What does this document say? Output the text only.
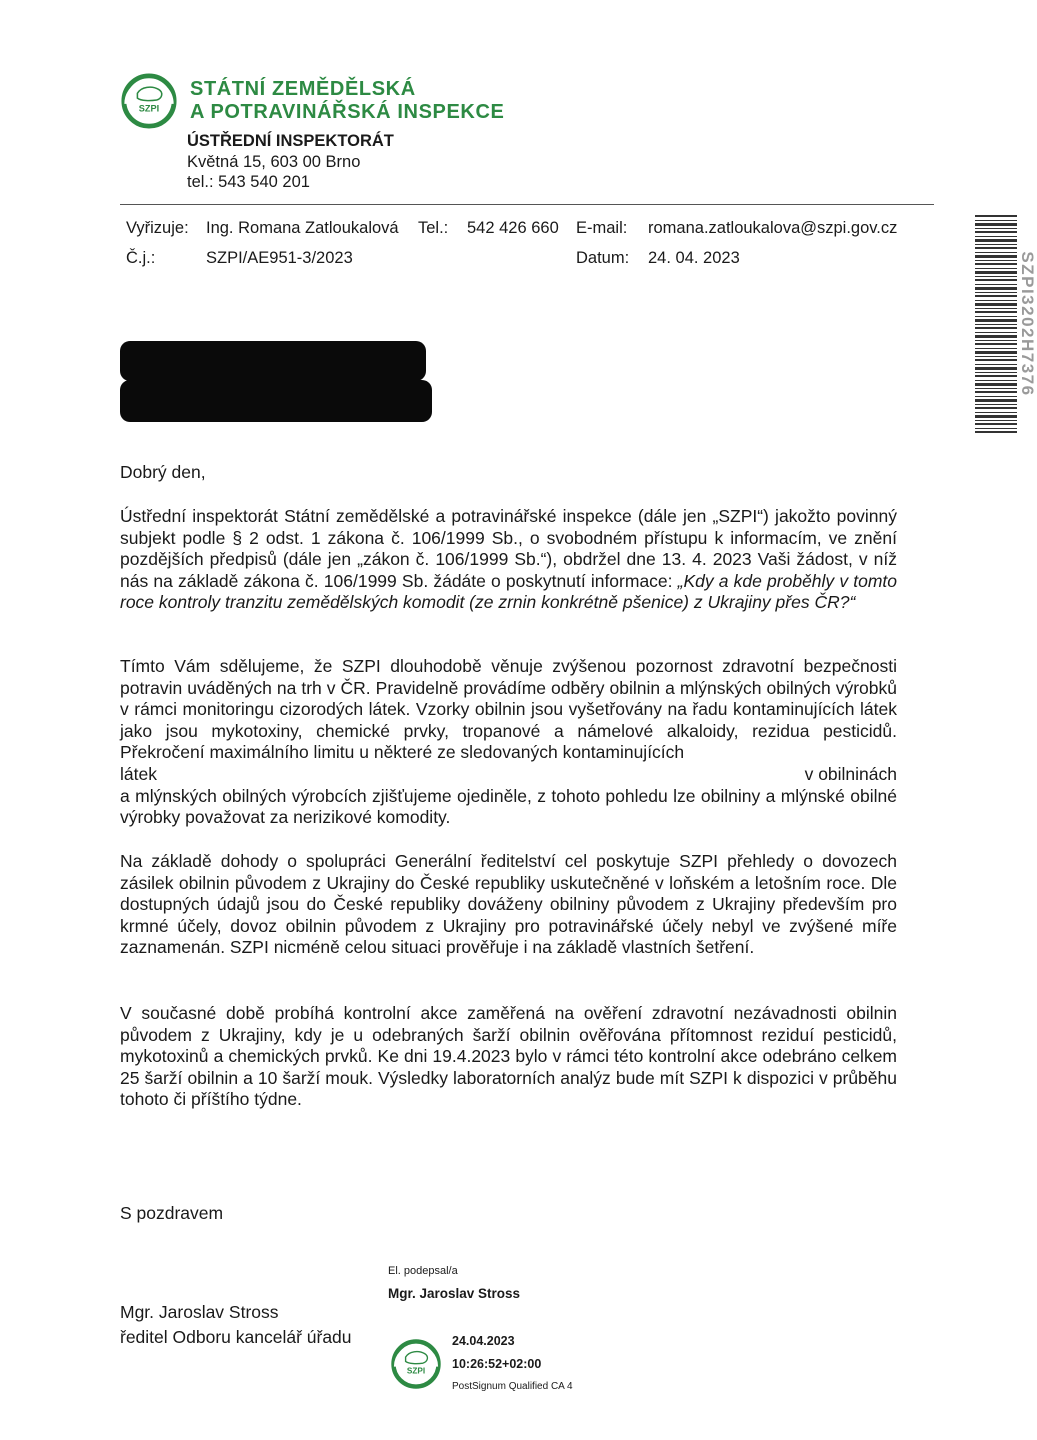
SZPI
STÁTNÍ ZEMĚDĚLSKÁ
A POTRAVINÁŘSKÁ INSPEKCE
ÚSTŘEDNÍ INSPEKTORÁT
Květná 15, 603 00 Brno
tel.: 543 540 201
Vyřizuje: Ing. Romana Zatloukalová Tel.: 542 426 660 E-mail: romana.zatloukalova@szpi.gov.cz
Č.j.:	SZPI/AE951-3/2023	Datum: 24. 04. 2023	SZPI3202H7376
Dobrý den,
Ústřední inspektorát Státní zemědělské a potravinářské inspekce (dále jen „SZPI“) jakožto povinný subjekt podle § 2 odst. 1 zákona č. 106/1999 Sb., o svobodném přístupu k informacím, ve znění pozdějších předpisů (dále jen „zákon č. 106/1999 Sb.“), obdržel dne 13. 4. 2023 Vaši žádost, v níž nás na základě zákona č. 106/1999 Sb. žádáte o poskytnutí informace: „Kdy a kde proběhly v tomto roce kontroly tranzitu zemědělských komodit (ze zrnin konkrétně pšenice) z Ukrajiny přes ČR?“
Tímto Vám sdělujeme, že SZPI dlouhodobě věnuje zvýšenou pozornost zdravotní bezpečnosti potravin uváděných na trh v ČR. Pravidelně provádíme odběry obilnin a mlýnských obilných výrobků v rámci monitoringu cizorodých látek. Vzorky obilnin jsou vyšetřovány na řadu kontaminujících látek jako jsou mykotoxiny, chemické prvky, tropanové a námelové alkaloidy, rezidua pesticidů. Překročení maximálního limitu u některé ze sledovaných kontaminujících
látek	v obilninách
a mlýnských obilných výrobcích zjišťujeme ojediněle, z tohoto pohledu lze obilniny a mlýnské obilné výrobky považovat za nerizikové komodity.
Na základě dohody o spolupráci Generální ředitelství cel poskytuje SZPI přehledy o dovozech zásilek obilnin původem z Ukrajiny do České republiky uskutečněné v loňském a letošním roce. Dle dostupných údajů jsou do České republiky dováženy obilniny původem z Ukrajiny především pro krmné účely, dovoz obilnin původem z Ukrajiny pro potravinářské účely nebyl ve zvýšené míře zaznamenán. SZPI nicméně celou situaci prověřuje i na základě vlastních šetření.
V současné době probíhá kontrolní akce zaměřená na ověření zdravotní nezávadnosti obilnin původem z Ukrajiny, kdy je u odebraných šarží obilnin ověřována přítomnost reziduí pesticidů, mykotoxinů a chemických prvků. Ke dni 19.4.2023 bylo v rámci této kontrolní akce odebráno celkem 25 šarží obilnin a 10 šarží mouk. Výsledky laboratorních analýz bude mít SZPI k dispozici v průběhu tohoto či příštího týdne.
S pozdravem
Mgr. Jaroslav Stross
ředitel Odboru kancelář úřadu
El. podepsal/a
Mgr. Jaroslav Stross
SZPI
24.04.2023
10:26:52+02:00
PostSignum Qualified CA 4
